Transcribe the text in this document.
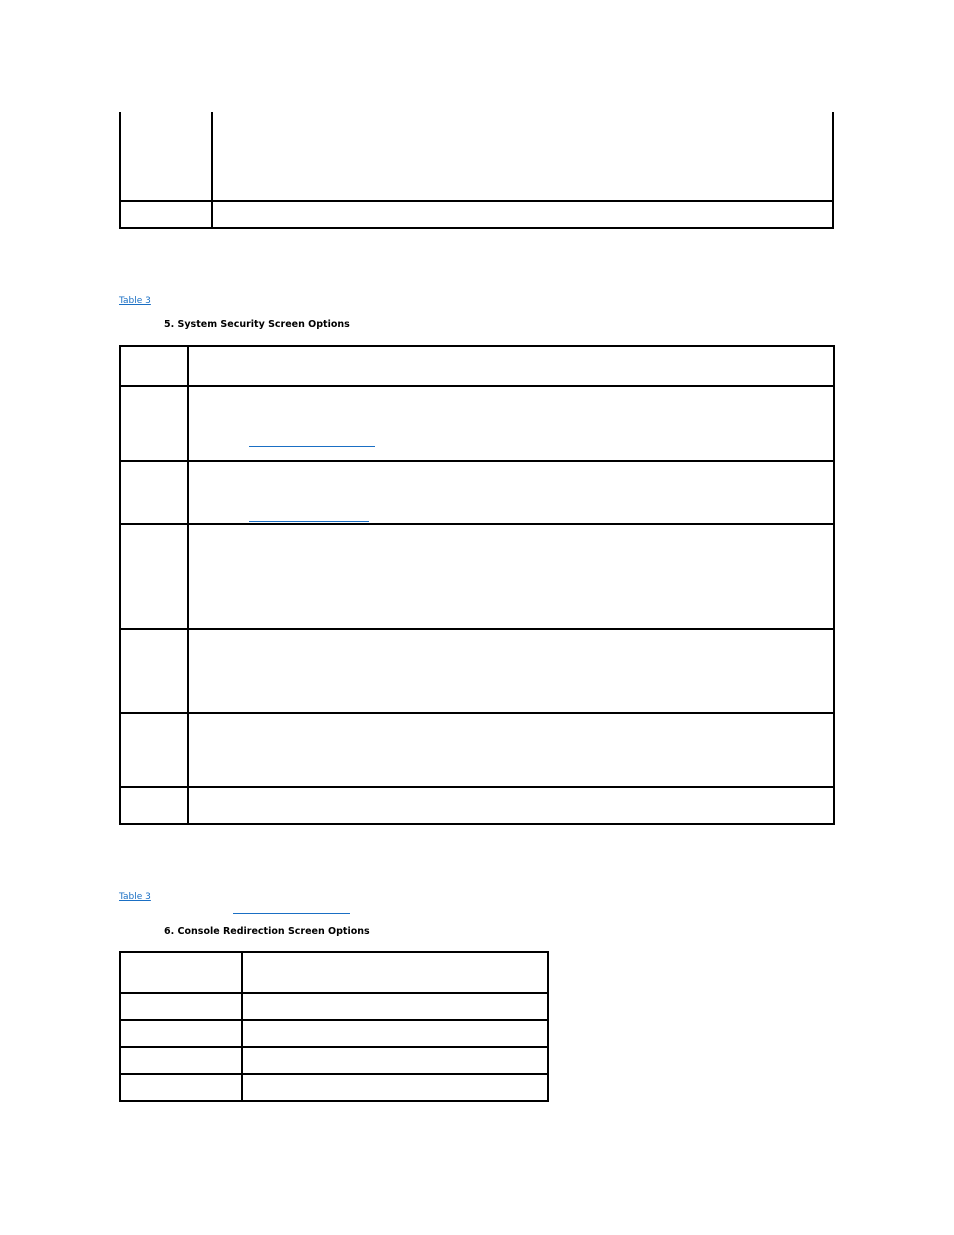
Table 3
5. System Security Screen Options
Table 3
6. Console Redirection Screen Options
